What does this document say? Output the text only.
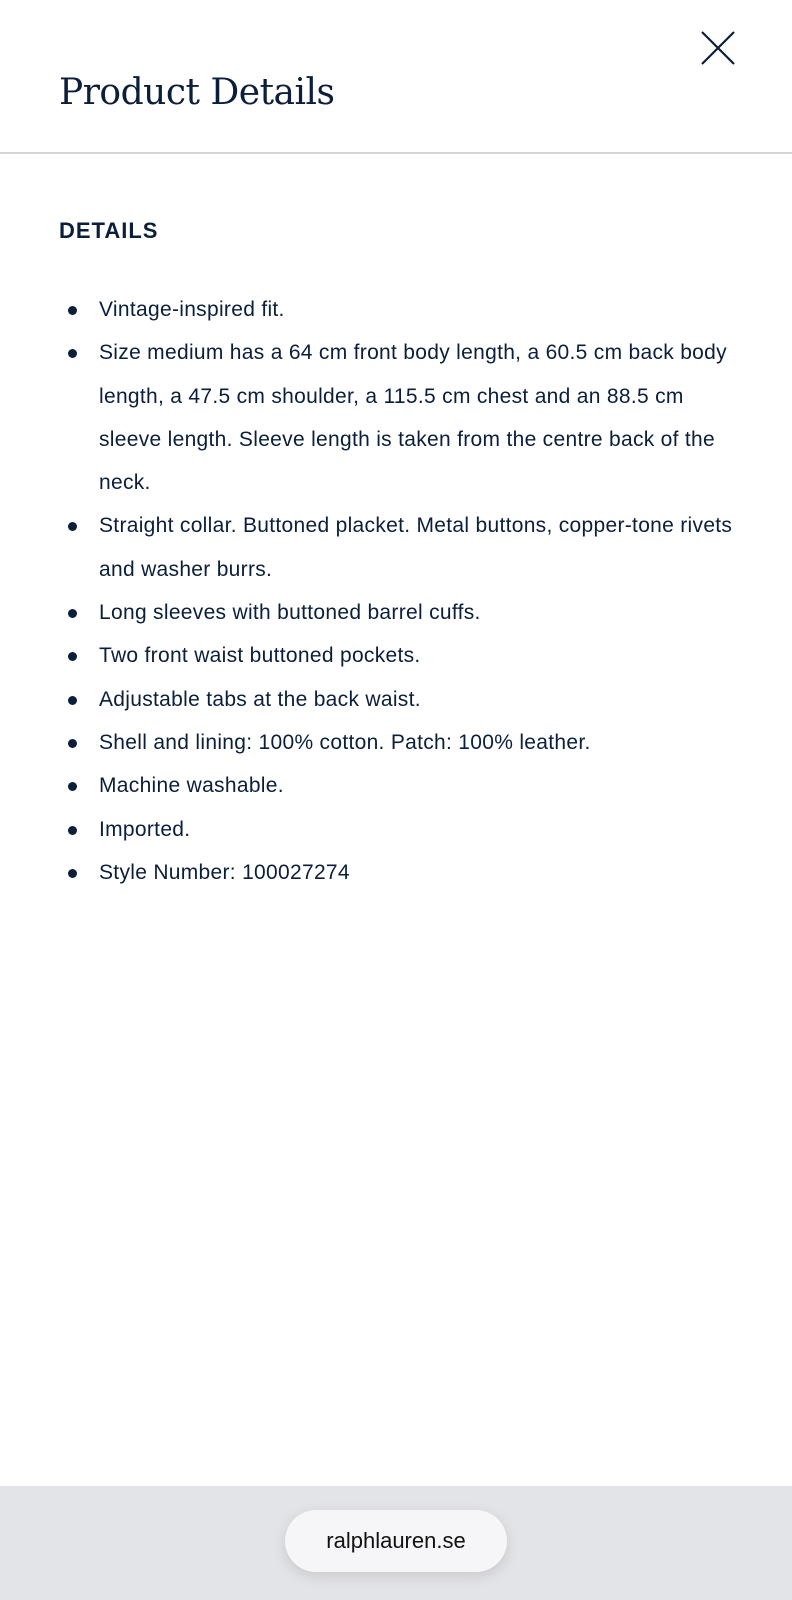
Product Details
DETAILS
Vintage-inspired fit.
Size medium has a 64 cm front body length, a 60.5 cm back body length, a 47.5 cm shoulder, a 115.5 cm chest and an 88.5 cm sleeve length. Sleeve length is taken from the centre back of the neck.
Straight collar. Buttoned placket. Metal buttons, copper-tone rivets and washer burrs.
Long sleeves with buttoned barrel cuffs.
Two front waist buttoned pockets.
Adjustable tabs at the back waist.
Shell and lining: 100% cotton. Patch: 100% leather.
Machine washable.
Imported.
Style Number: 100027274
ralphlauren.se
